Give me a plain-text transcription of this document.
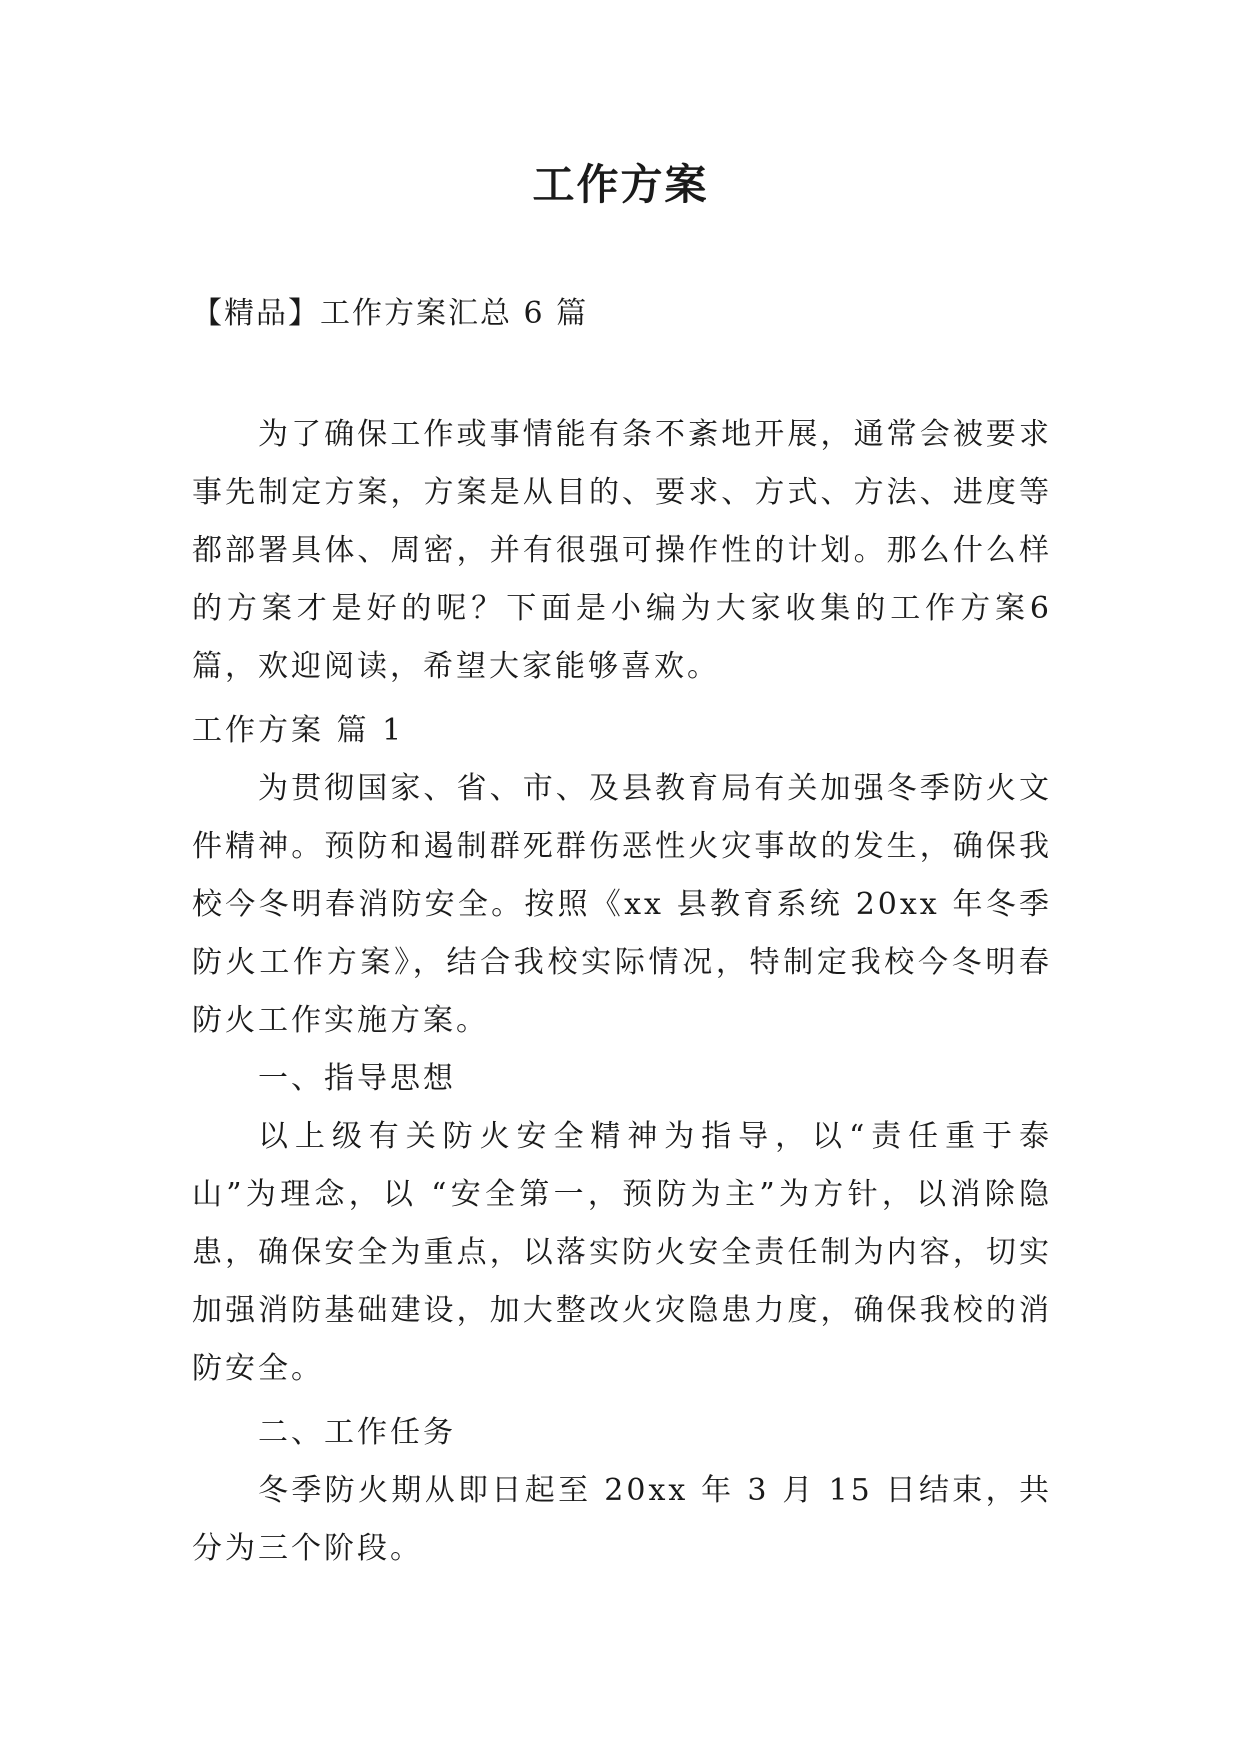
工作方案
【精品】工作方案汇总 6 篇

为了确保工作或事情能有条不紊地开展，通常会被要求事先制定方案，方案是从目的、要求、方式、方法、进度等都部署具体、周密，并有很强可操作性的计划。那么什么样的方案才是好的呢？下面是小编为大家收集的工作方案6篇，欢迎阅读，希望大家能够喜欢。

工作方案 篇 1

为贯彻国家、省、市、及县教育局有关加强冬季防火文件精神。预防和遏制群死群伤恶性火灾事故的发生，确保我校今冬明春消防安全。按照《xx 县教育系统 20xx 年冬季防火工作方案》，结合我校实际情况，特制定我校今冬明春防火工作实施方案。

一、指导思想

以上级有关防火安全精神为指导，以“责任重于泰山”为理念，以 “安全第一，预防为主”为方针，以消除隐患，确保安全为重点，以落实防火安全责任制为内容，切实加强消防基础建设，加大整改火灾隐患力度，确保我校的消防安全。

二、工作任务

冬季防火期从即日起至 20xx 年 3 月 15 日结束，共分为三个阶段。
